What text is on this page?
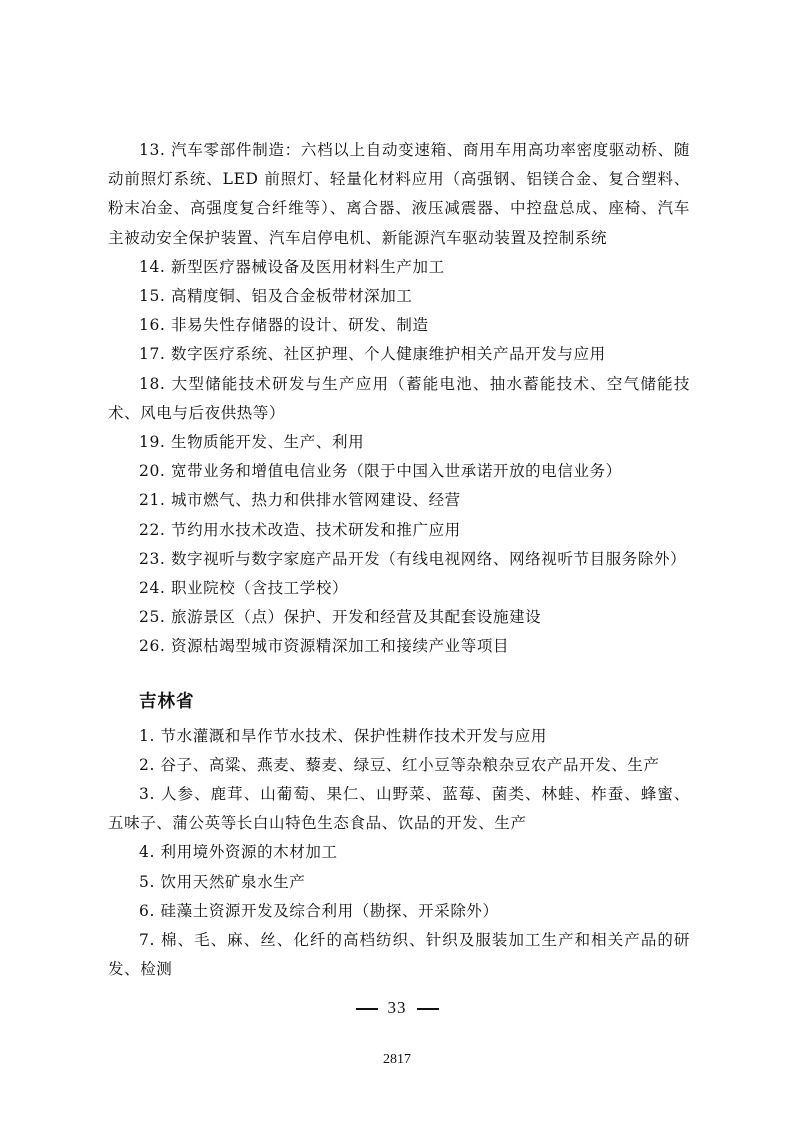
13. 汽车零部件制造：六档以上自动变速箱、商用车用高功率密度驱动桥、随动前照灯系统、LED 前照灯、轻量化材料应用（高强钢、铝镁合金、复合塑料、粉末冶金、高强度复合纤维等）、离合器、液压减震器、中控盘总成、座椅、汽车主被动安全保护装置、汽车启停电机、新能源汽车驱动装置及控制系统

14. 新型医疗器械设备及医用材料生产加工

15. 高精度铜、铝及合金板带材深加工

16. 非易失性存储器的设计、研发、制造

17. 数字医疗系统、社区护理、个人健康维护相关产品开发与应用

18. 大型储能技术研发与生产应用（蓄能电池、抽水蓄能技术、空气储能技术、风电与后夜供热等）

19. 生物质能开发、生产、利用

20. 宽带业务和增值电信业务（限于中国入世承诺开放的电信业务）

21. 城市燃气、热力和供排水管网建设、经营

22. 节约用水技术改造、技术研发和推广应用

23. 数字视听与数字家庭产品开发（有线电视网络、网络视听节目服务除外）

24. 职业院校（含技工学校）

25. 旅游景区（点）保护、开发和经营及其配套设施建设

26. 资源枯竭型城市资源精深加工和接续产业等项目

吉林省

1. 节水灌溉和旱作节水技术、保护性耕作技术开发与应用

2. 谷子、高粱、燕麦、藜麦、绿豆、红小豆等杂粮杂豆农产品开发、生产

3. 人参、鹿茸、山葡萄、果仁、山野菜、蓝莓、菌类、林蛙、柞蚕、蜂蜜、五味子、蒲公英等长白山特色生态食品、饮品的开发、生产

4. 利用境外资源的木材加工

5. 饮用天然矿泉水生产

6. 硅藻土资源开发及综合利用（勘探、开采除外）

7. 棉、毛、麻、丝、化纤的高档纺织、针织及服装加工生产和相关产品的研发、检测

33
2817
